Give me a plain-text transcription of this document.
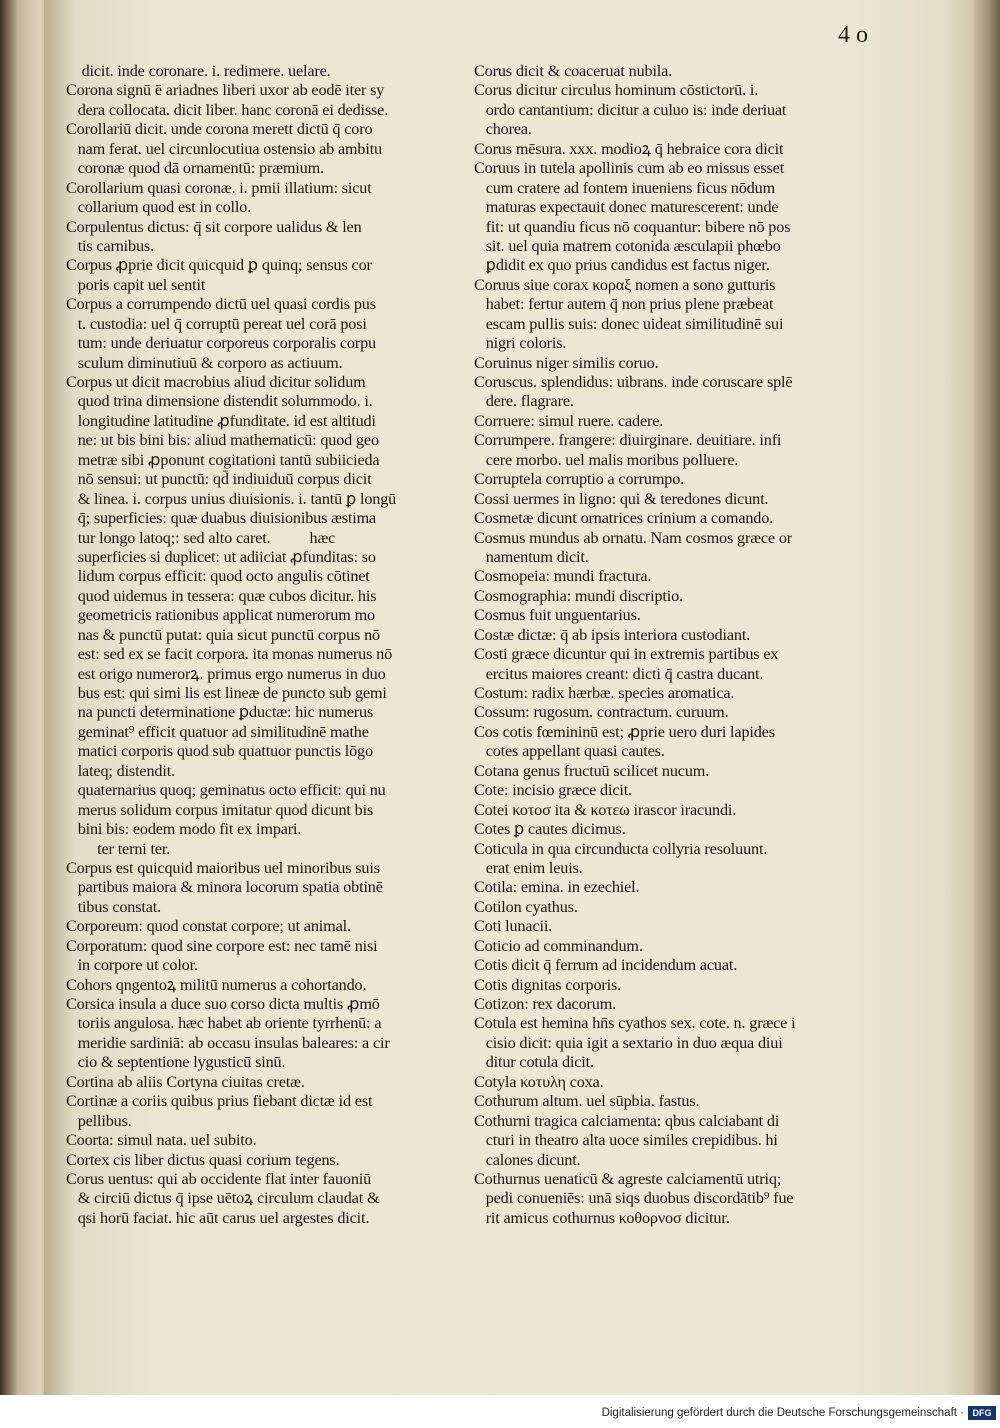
4 o
dicit. inde coronare. i. redimere. uelare.
Corona signū ē ariadnes liberi uxor ab eodē iter sy
dera collocata. dicit liber. hanc coronā ei dedisse.
Corollariū dicit. unde corona merett dictū q̄ coro
nam ferat. uel circunlocutiua ostensio ab ambitu
coronæ quod dā ornamentū: præmium.
Corollarium quasi coronæ. i. pmii illatium: sicut
collarium quod est in collo.
Corpulentus dictus: q̄ sit corpore ualidus & len
tis carnibus.
Corpus ꝓprie dicit quicquid ꝑ quinq; sensus cor
poris capit uel sentit
Corpus a corrumpendo dictū uel quasi cordis pus
t. custodia: uel q̄ corruptū pereat uel corā posi
tum: unde deriuatur corporeus corporalis corpu
sculum diminutiuū & corporo as actiuum.
Corpus ut dicit macrobius aliud dicitur solidum
quod trina dimensione distendit solummodo. i.
longitudine latitudine ꝓfunditate. id est altitudi
ne: ut bis bini bis: aliud mathematicū: quod geo
metræ sibi ꝓponunt cogitationi tantū subiicieda
nō sensui: ut punctū: qd̄ indiuiduū corpus dicit
& linea. i. corpus unius diuisionis. i. tantū ꝑ longū
q̄; superficies: quæ duabus diuisionibus æstima
tur longo latoq;: sed alto caret.          hæc
superficies si duplicet: ut adiiciat ꝓfunditas: so
lidum corpus efficit: quod octo angulis cōtinet
quod uidemus in tessera: quæ cubos dicitur. his
geometricis rationibus applicat numerorum mo
nas & punctū putat: quia sicut punctū corpus nō
est: sed ex se facit corpora. ita monas numerus nō
est origo numerorꝝ. primus ergo numerus in duo
bus est: qui simi lis est lineæ de puncto sub gemi
na puncti determinatione ꝑductæ: hic numerus
geminat⁹ efficit quatuor ad similitudinē mathe
matici corporis quod sub quattuor punctis lōgo
lateq; distendit.
quaternarius quoq; geminatus octo efficit: qui nu
merus solidum corpus imitatur quod dicunt bis
bini bis: eodem modo fit ex impari.
ter terni ter.
Corpus est quicquid maioribus uel minoribus suis
partibus maiora & minora locorum spatia obtinē
tibus constat.
Corporeum: quod constat corpore; ut animal.
Corporatum: quod sine corpore est: nec tamē nisi
in corpore ut color.
Cohors qngentoꝝ militū numerus a cohortando.
Corsica insula a duce suo corso dicta multis ꝓmō
toriis angulosa. hæc habet ab oriente tyrrhenū: a
meridie sardiniā: ab occasu insulas baleares: a cir
cio & septentione lygusticū sinū.
Cortina ab aliis Cortyna ciuitas cretæ.
Cortinæ a coriis quibus prius fiebant dictæ id est
pellibus.
Coorta: simul nata. uel subito.
Cortex cis liber dictus quasi corium tegens.
Corus uentus: qui ab occidente flat inter fauoniū
& circiū dictus q̄ ipse uētoꝝ circulum claudat &
qsi horū faciat. hic aūt carus uel argestes dicit.
Corus dicit & coaceruat nubila.
Corus dicitur circulus hominum cōstictorū. i.
ordo cantantium: dicitur a culuo is: inde deriuat
chorea.
Corus mēsura. xxx. modioꝝ q̄ hebraice cora dicit
Coruus in tutela apollinis cum ab eo missus esset
cum cratere ad fontem inueniens ficus nōdum
maturas expectauit donec maturescerent: unde
fit: ut quandiu ficus nō coquantur: bibere nō pos
sit. uel quia matrem cotonida æsculapii phœbo
ꝑdidit ex quo prius candidus est factus niger.
Coruus siue corax κοραξ nomen a sono gutturis
habet: fertur autem q̄ non prius plene præbeat
escam pullis suis: donec uideat similitudinē sui
nigri coloris.
Coruinus niger similis coruo.
Coruscus. splendidus: uibrans. inde coruscare splē
dere. flagrare.
Corruere: simul ruere. cadere.
Corrumpere. frangere: diuirginare. deuitiare. infi
cere morbo. uel malis moribus polluere.
Corruptela corruptio a corrumpo.
Cossi uermes in ligno: qui & teredones dicunt.
Cosmetæ dicunt ornatrices crinium a comando.
Cosmus mundus ab ornatu. Nam cosmos græce or
namentum dicit.
Cosmopeia: mundi fractura.
Cosmographia: mundi discriptio.
Cosmus fuit unguentarius.
Costæ dictæ: q̄ ab ipsis interiora custodiant.
Costi græce dicuntur qui in extremis partibus ex
ercitus maiores creant: dicti q̄ castra ducant.
Costum: radix hærbæ. species aromatica.
Cossum: rugosum. contractum. curuum.
Cos cotis fœmininū est; ꝓprie uero duri lapides
cotes appellant quasi cautes.
Cotana genus fructuū scilicet nucum.
Cote: incisio græce dicit.
Cotei κοτοσ ita & κοτεω irascor iracundi.
Cotes ꝑ cautes dicimus.
Coticula in qua circunducta collyria resoluunt.
erat enim leuis.
Cotila: emina. in ezechiel.
Cotilon cyathus.
Coti lunacii.
Coticio ad comminandum.
Cotis dicit q̄ ferrum ad incidendum acuat.
Cotis dignitas corporis.
Cotizon: rex dacorum.
Cotula est hemina hn̄s cyathos sex. cote. n. græce i
cisio dicit: quia igit a sextario in duo æqua diui
ditur cotula dicit.
Cotyla κοτυλη coxa.
Cothurum altum. uel sūpbia. fastus.
Cothurni tragica calciamenta: qbus calciabant di
cturi in theatro alta uoce similes crepidibus. hi
calones dicunt.
Cothurnus uenaticū & agreste calciamentū utriq;
pedi conueniēs: unā siqs duobus discordātib⁹ fue
rit amicus cothurnus κοθορνοσ dicitur.
Digitalisierung gefördert durch die Deutsche Forschungsgemeinschaft · DFG
